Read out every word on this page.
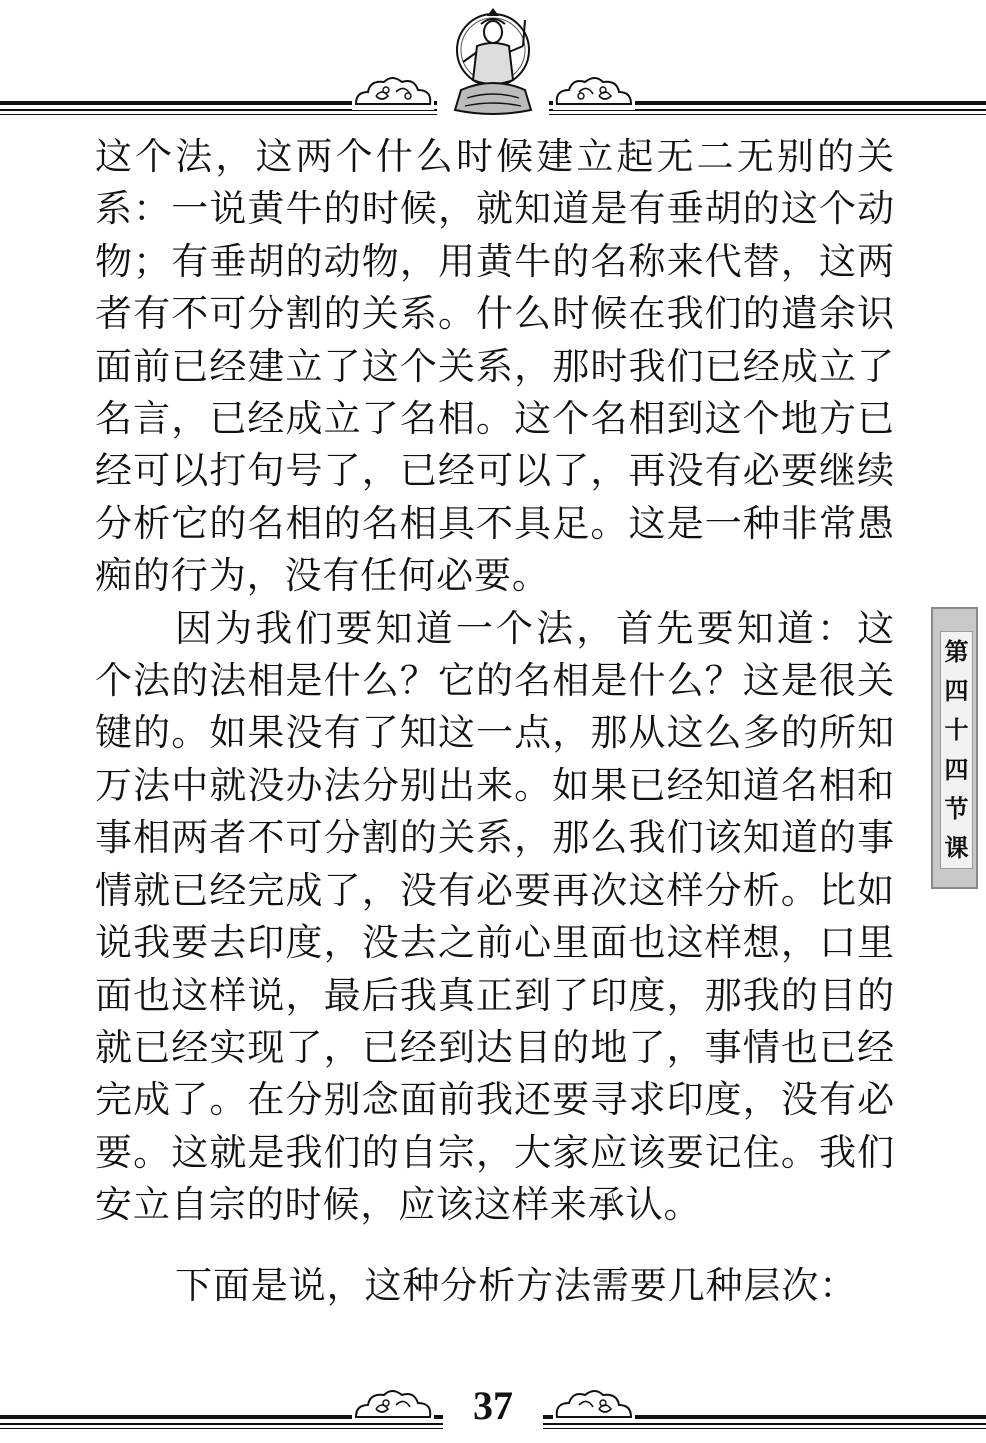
这个法，这两个什么时候建立起无二无别的关系：一说黄牛的时候，就知道是有垂胡的这个动物；有垂胡的动物，用黄牛的名称来代替，这两者有不可分割的关系。什么时候在我们的遣余识面前已经建立了这个关系，那时我们已经成立了名言，已经成立了名相。这个名相到这个地方已经可以打句号了，已经可以了，再没有必要继续分析它的名相的名相具不具足。这是一种非常愚痴的行为，没有任何必要。

因为我们要知道一个法，首先要知道：这个法的法相是什么？它的名相是什么？这是很关键的。如果没有了知这一点，那从这么多的所知万法中就没办法分别出来。如果已经知道名相和事相两者不可分割的关系，那么我们该知道的事情就已经完成了，没有必要再次这样分析。比如说我要去印度，没去之前心里面也这样想，口里面也这样说，最后我真正到了印度，那我的目的就已经实现了，已经到达目的地了，事情也已经完成了。在分别念面前我还要寻求印度，没有必要。这就是我们的自宗，大家应该要记住。我们安立自宗的时候，应该这样来承认。

下面是说，这种分析方法需要几种层次：

第
四
十
四
节
课
37
